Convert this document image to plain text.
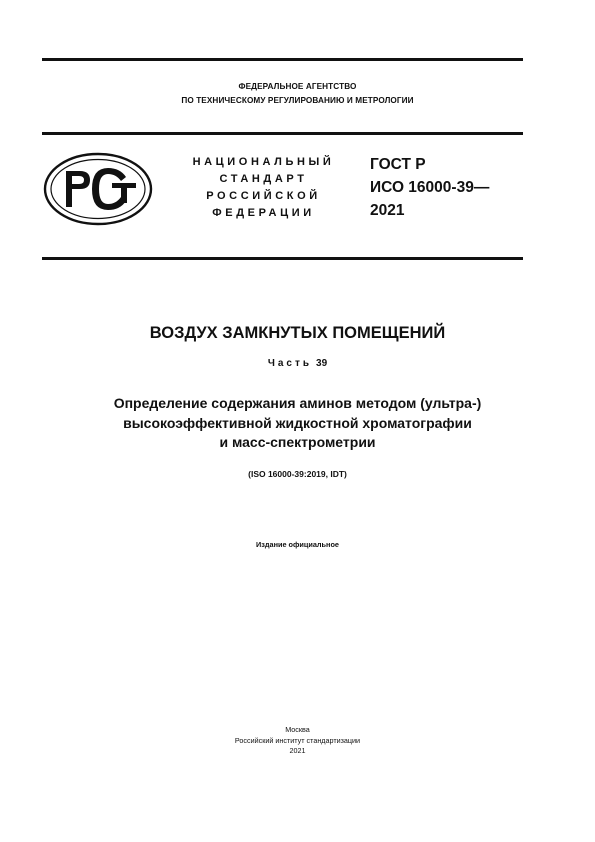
ФЕДЕРАЛЬНОЕ АГЕНТСТВО
ПО ТЕХНИЧЕСКОМУ РЕГУЛИРОВАНИЮ И МЕТРОЛОГИИ
НАЦИОНАЛЬНЫЙ
СТАНДАРТ
РОССИЙСКОЙ
ФЕДЕРАЦИИ
ГОСТ Р
ИСО 16000-39—
2021
ВОЗДУХ ЗАМКНУТЫХ ПОМЕЩЕНИЙ
Часть 39
Определение содержания аминов методом (ультра-)
высокоэффективной жидкостной хроматографии
и масс-спектрометрии
(ISO 16000-39:2019, IDT)
Издание официальное
Москва
Российский институт стандартизации
2021
